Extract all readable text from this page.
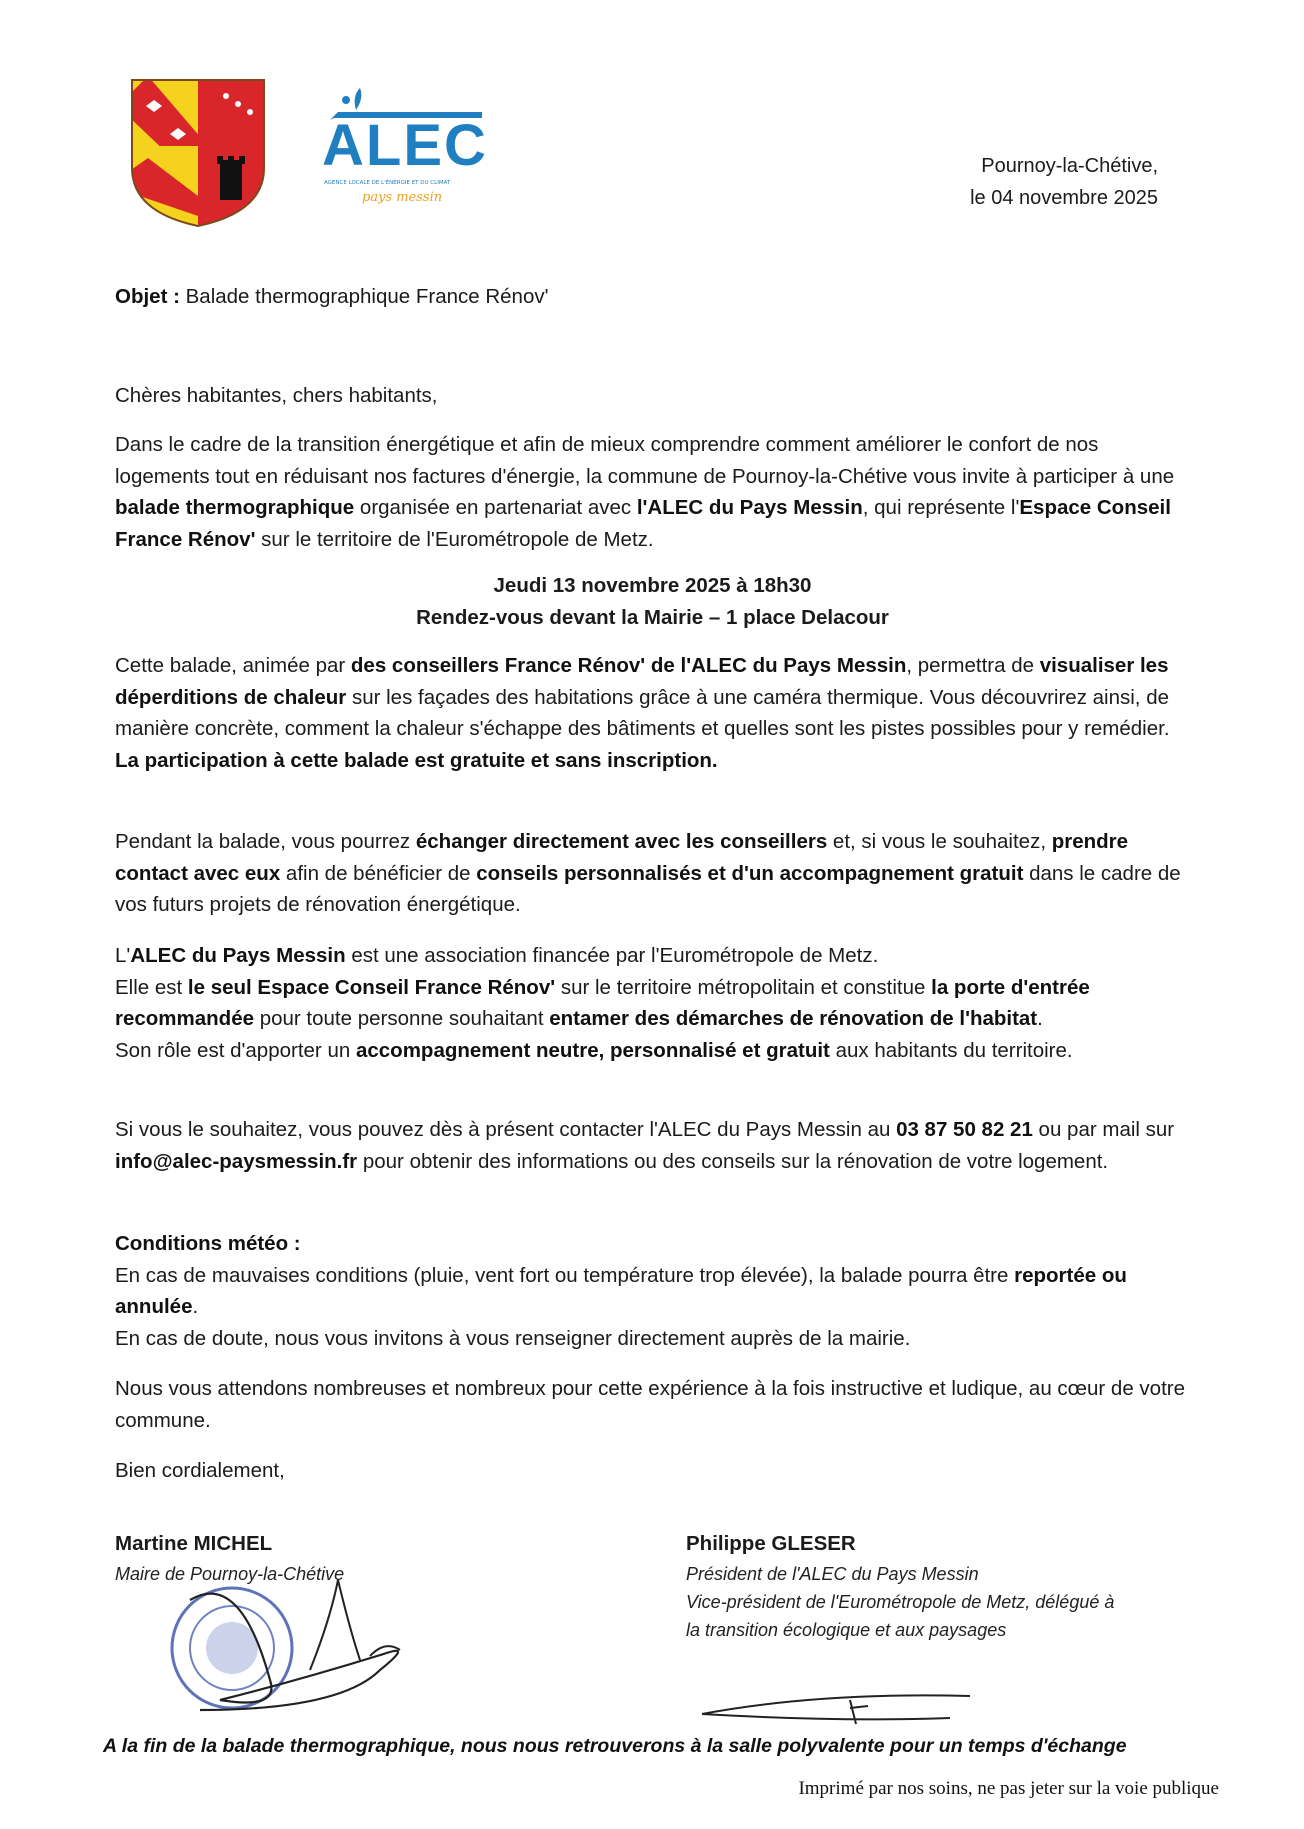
ALEC
AGENCE LOCALE DE L'ÉNERGIE ET DU CLIMAT
pays messin
Pournoy-la-Chétive,
le 04 novembre 2025

Objet : Balade thermographique France Rénov'

Chères habitantes, chers habitants,

Dans le cadre de la transition énergétique et afin de mieux comprendre comment améliorer le confort de nos logements tout en réduisant nos factures d'énergie, la commune de Pournoy-la-Chétive vous invite à participer à une balade thermographique organisée en partenariat avec l'ALEC du Pays Messin, qui représente l'Espace Conseil France Rénov' sur le territoire de l'Eurométropole de Metz.

Jeudi 13 novembre 2025 à 18h30
Rendez-vous devant la Mairie – 1 place Delacour

Cette balade, animée par des conseillers France Rénov' de l'ALEC du Pays Messin, permettra de visualiser les déperditions de chaleur sur les façades des habitations grâce à une caméra thermique. Vous découvrirez ainsi, de manière concrète, comment la chaleur s'échappe des bâtiments et quelles sont les pistes possibles pour y remédier.
La participation à cette balade est gratuite et sans inscription.

Pendant la balade, vous pourrez échanger directement avec les conseillers et, si vous le souhaitez, prendre contact avec eux afin de bénéficier de conseils personnalisés et d'un accompagnement gratuit dans le cadre de vos futurs projets de rénovation énergétique.

L'ALEC du Pays Messin est une association financée par l'Eurométropole de Metz.
Elle est le seul Espace Conseil France Rénov' sur le territoire métropolitain et constitue la porte d'entrée recommandée pour toute personne souhaitant entamer des démarches de rénovation de l'habitat.
Son rôle est d'apporter un accompagnement neutre, personnalisé et gratuit aux habitants du territoire.

Si vous le souhaitez, vous pouvez dès à présent contacter l'ALEC du Pays Messin au 03 87 50 82 21 ou par mail sur info@alec-paysmessin.fr pour obtenir des informations ou des conseils sur la rénovation de votre logement.

Conditions météo :
En cas de mauvaises conditions (pluie, vent fort ou température trop élevée), la balade pourra être reportée ou annulée.
En cas de doute, nous vous invitons à vous renseigner directement auprès de la mairie.

Nous vous attendons nombreuses et nombreux pour cette expérience à la fois instructive et ludique, au cœur de votre commune.

Bien cordialement,

Martine MICHEL
Maire de Pournoy-la-Chétive
Philippe GLESER
Président de l'ALEC du Pays Messin
Vice-président de l'Eurométropole de Metz, délégué à
la transition écologique et aux paysages
A la fin de la balade thermographique, nous nous retrouverons à la salle polyvalente pour un temps d'échange
Imprimé par nos soins, ne pas jeter sur la voie publique
